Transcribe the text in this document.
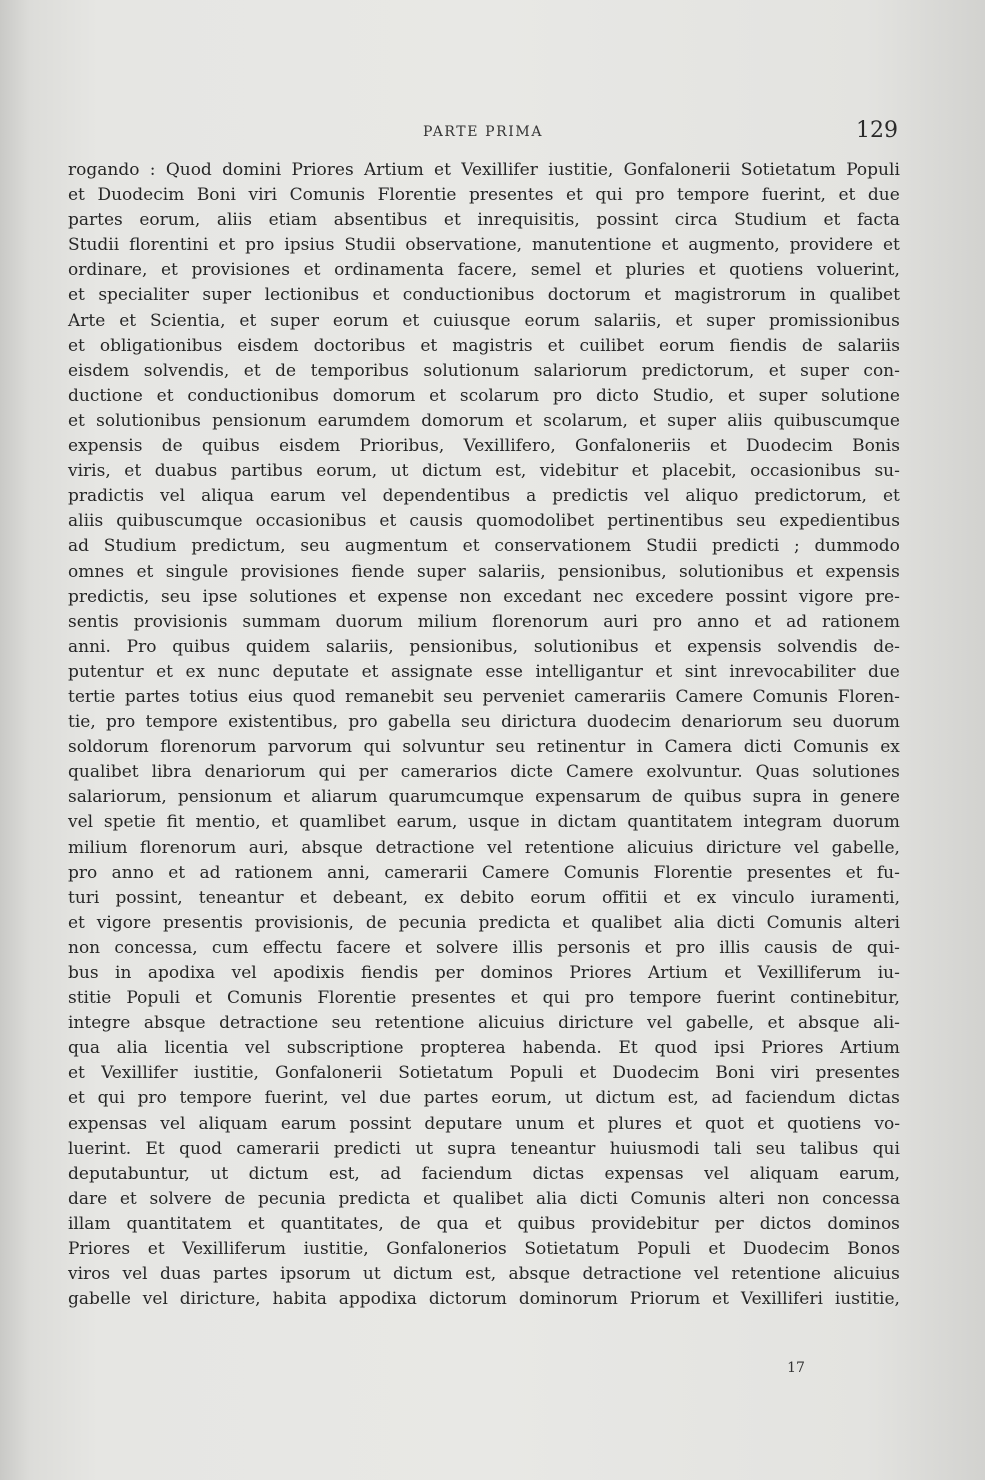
PARTE PRIMA	129
rogando : Quod domini Priores Artium et Vexillifer iustitie, Gonfalonerii Sotietatum Populi
et Duodecim Boni viri Comunis Florentie presentes et qui pro tempore fuerint, et due
partes eorum, aliis etiam absentibus et inrequisitis, possint circa Studium et facta
Studii florentini et pro ipsius Studii observatione, manutentione et augmento, providere et
ordinare, et provisiones et ordinamenta facere, semel et pluries et quotiens voluerint,
et specialiter super lectionibus et conductionibus doctorum et magistrorum in qualibet
Arte et Scientia, et super eorum et cuiusque eorum salariis, et super promissionibus
et obligationibus eisdem doctoribus et magistris et cuilibet eorum fiendis de salariis
eisdem solvendis, et de temporibus solutionum salariorum predictorum, et super con-
ductione et conductionibus domorum et scolarum pro dicto Studio, et super solutione
et solutionibus pensionum earumdem domorum et scolarum, et super aliis quibuscumque
expensis de quibus eisdem Prioribus, Vexillifero, Gonfaloneriis et Duodecim Bonis
viris, et duabus partibus eorum, ut dictum est, videbitur et placebit, occasionibus su-
pradictis vel aliqua earum vel dependentibus a predictis vel aliquo predictorum, et
aliis quibuscumque occasionibus et causis quomodolibet pertinentibus seu expedientibus
ad Studium predictum, seu augmentum et conservationem Studii predicti ; dummodo
omnes et singule provisiones fiende super salariis, pensionibus, solutionibus et expensis
predictis, seu ipse solutiones et expense non excedant nec excedere possint vigore pre-
sentis provisionis summam duorum milium florenorum auri pro anno et ad rationem
anni. Pro quibus quidem salariis, pensionibus, solutionibus et expensis solvendis de-
putentur et ex nunc deputate et assignate esse intelligantur et sint inrevocabiliter due
tertie partes totius eius quod remanebit seu perveniet camerariis Camere Comunis Floren-
tie, pro tempore existentibus, pro gabella seu diricturа duodecim denariorum seu duorum
soldorum florenorum parvorum qui solvuntur seu retinentur in Camera dicti Comunis ex
qualibet libra denariorum qui per camerarios dicte Camere exolvuntur. Quas solutiones
salariorum, pensionum et aliarum quarumcumque expensarum de quibus supra in genere
vel spetie fit mentio, et quamlibet earum, usque in dictam quantitatem integram duorum
milium florenorum auri, absque detractione vel retentione alicuius diricture vel gabelle,
pro anno et ad rationem anni, camerarii Camere Comunis Florentie presentes et fu-
turi possint, teneantur et debeant, ex debito eorum offitii et ex vinculo iuramenti,
et vigore presentis provisionis, de pecunia predicta et qualibet alia dicti Comunis alteri
non concessa, cum effectu facere et solvere illis personis et pro illis causis de qui-
bus in apodixa vel apodixis fiendis per dominos Priores Artium et Vexilliferum iu-
stitie Populi et Comunis Florentie presentes et qui pro tempore fuerint continebitur,
integre absque detractione seu retentione alicuius diricture vel gabelle, et absque ali-
qua alia licentia vel subscriptione propterea habenda. Et quod ipsi Priores Artium
et Vexillifer iustitie, Gonfalonerii Sotietatum Populi et Duodecim Boni viri presentes
et qui pro tempore fuerint, vel due partes eorum, ut dictum est, ad faciendum dictas
expensas vel aliquam earum possint deputare unum et plures et quot et quotiens vo-
luerint. Et quod camerarii predicti ut supra teneantur huiusmodi tali seu talibus qui
deputabuntur, ut dictum est, ad faciendum dictas expensas vel aliquam earum,
dare et solvere de pecunia predicta et qualibet alia dicti Comunis alteri non concessa
illam quantitatem et quantitates, de qua et quibus providebitur per dictos dominos
Priores et Vexilliferum iustitie, Gonfalonerios Sotietatum Populi et Duodecim Bonos
viros vel duas partes ipsorum ut dictum est, absque detractione vel retentione alicuius
gabelle vel diricture, habita appodixa dictorum dominorum Priorum et Vexilliferi iustitie,
17
